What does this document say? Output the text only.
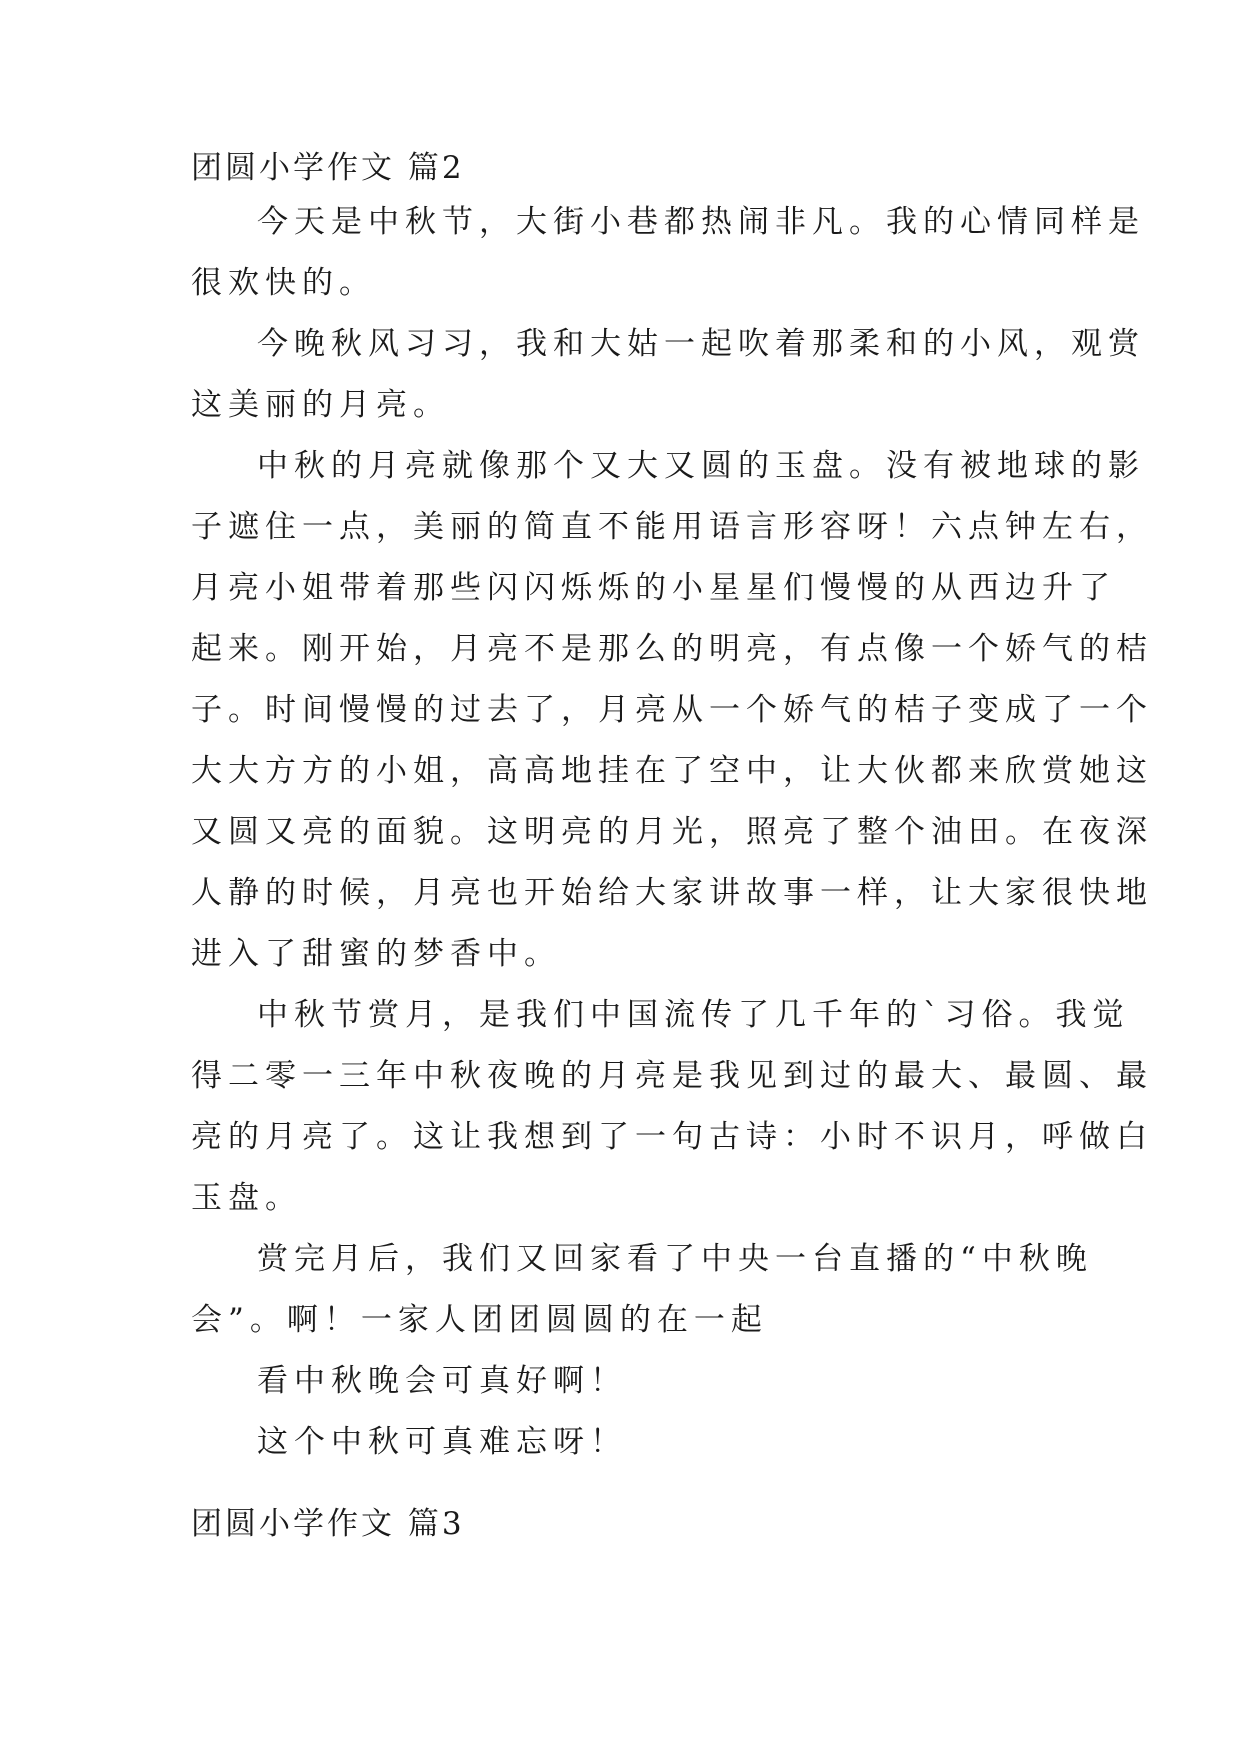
团圆小学作文 篇2
今天是中秋节，大街小巷都热闹非凡。我的心情同样是
很欢快的。
今晚秋风习习，我和大姑一起吹着那柔和的小风，观赏
这美丽的月亮。
中秋的月亮就像那个又大又圆的玉盘。没有被地球的影
子遮住一点，美丽的简直不能用语言形容呀！六点钟左右，
月亮小姐带着那些闪闪烁烁的小星星们慢慢的从西边升了
起来。刚开始，月亮不是那么的明亮，有点像一个娇气的桔
子。时间慢慢的过去了，月亮从一个娇气的桔子变成了一个
大大方方的小姐，高高地挂在了空中，让大伙都来欣赏她这
又圆又亮的面貌。这明亮的月光，照亮了整个油田。在夜深
人静的时候，月亮也开始给大家讲故事一样，让大家很快地
进入了甜蜜的梦香中。
中秋节赏月，是我们中国流传了几千年的`习俗。我觉
得二零一三年中秋夜晚的月亮是我见到过的最大、最圆、最
亮的月亮了。这让我想到了一句古诗：小时不识月，呼做白
玉盘。
赏完月后，我们又回家看了中央一台直播的“中秋晚
会”。啊！一家人团团圆圆的在一起
看中秋晚会可真好啊！
这个中秋可真难忘呀！
团圆小学作文 篇3
